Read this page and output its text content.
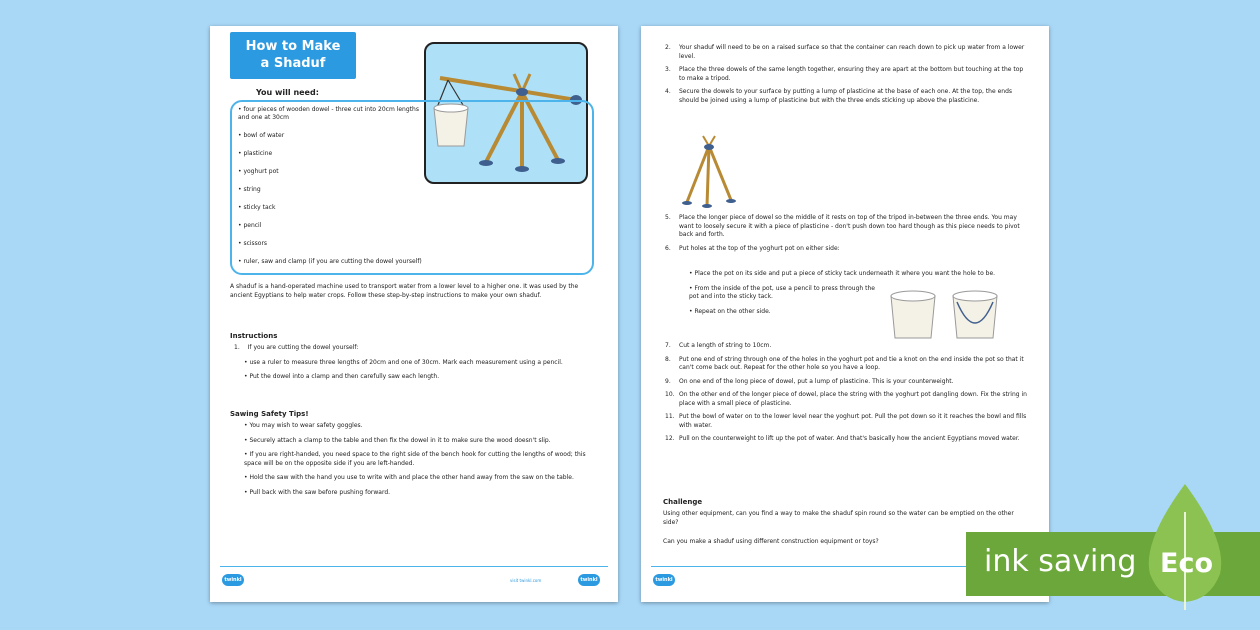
How to Make
a Shaduf
You will need:
• four pieces of wooden dowel - three cut into 20cm lengths and one at 30cm
• bowl of water
• plasticine
• yoghurt pot
• string
• sticky tack
• pencil
• scissors
• ruler, saw and clamp (if you are cutting the dowel yourself)

A shaduf is a hand-operated machine used to transport water from a lower level to a higher one. It was used by the ancient Egyptians to help water crops. Follow these step-by-step instructions to make your own shaduf.

Instructions

1. If you are cutting the dowel yourself:
• use a ruler to measure three lengths of 20cm and one of 30cm. Mark each measurement using a pencil.
• Put the dowel into a clamp and then carefully saw each length.

Sawing Safety Tips!

• You may wish to wear safety goggles.
• Securely attach a clamp to the table and then fix the dowel in it to make sure the wood doesn't slip.
• If you are right-handed, you need space to the right side of the bench hook for cutting the lengths of wood; this space will be on the opposite side if you are left-handed.
• Hold the saw with the hand you use to write with and place the other hand away from the saw on the table.
• Pull back with the saw before pushing forward.
twinkl	visit twinkl.com	twinkl
2. Your shaduf will need to be on a raised surface so that the container can reach down to pick up water from a lower level.
3. Place the three dowels of the same length together, ensuring they are apart at the bottom but touching at the top to make a tripod.
4. Secure the dowels to your surface by putting a lump of plasticine at the base of each one. At the top, the ends should be joined using a lump of plasticine but with the three ends sticking up above the plasticine.
5. Place the longer piece of dowel so the middle of it rests on top of the tripod in-between the three ends. You may want to loosely secure it with a piece of plasticine - don't push down too hard though as this piece needs to pivot back and forth.
6. Put holes at the top of the yoghurt pot on either side:
• Place the pot on its side and put a piece of sticky tack underneath it where you want the hole to be.
• From the inside of the pot, use a pencil to press through the pot and into the sticky tack.
• Repeat on the other side.
7. Cut a length of string to 10cm.
8. Put one end of string through one of the holes in the yoghurt pot and tie a knot on the end inside the pot so that it can't come back out. Repeat for the other hole so you have a loop.
9. On one end of the long piece of dowel, put a lump of plasticine. This is your counterweight.
10. On the other end of the longer piece of dowel, place the string with the yoghurt pot dangling down. Fix the string in place with a small piece of plasticine.
11. Put the bowl of water on to the lower level near the yoghurt pot. Pull the pot down so it it reaches the bowl and fills with water.
12. Pull on the counterweight to lift up the pot of water. And that's basically how the ancient Egyptians moved water.

Challenge

Using other equipment, can you find a way to make the shaduf spin round so the water can be emptied on the other side?

Can you make a shaduf using different construction equipment or toys?

twinkl
ink saving Eco
